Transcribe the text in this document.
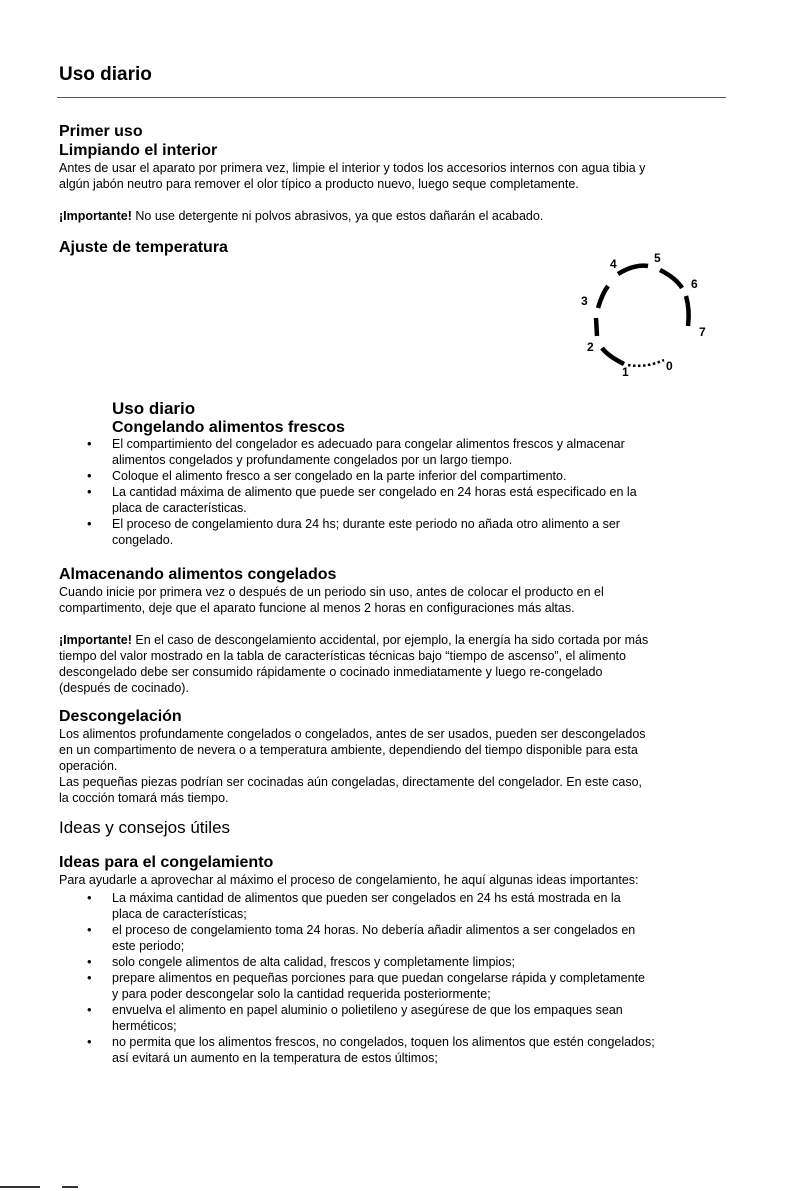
Uso diario

Primer uso

Limpiando el interior

Antes de usar el aparato por primera vez, limpie el interior y todos los accesorios internos con agua tibia y

algún jabón neutro para remover el olor típico a producto nuevo, luego seque completamente.

¡Importante! No use detergente ni polvos abrasivos, ya que estos dañarán el acabado.

Ajuste de temperatura

1
2
3
4	5
6
7
0

Uso diario

Congelando alimentos frescos

• El compartimiento del congelador es adecuado para congelar alimentos frescos y almacenar
alimentos congelados y profundamente congelados por un largo tiempo.
• Coloque el alimento fresco a ser congelado en la parte inferior del compartimento.
• La cantidad máxima de alimento que puede ser congelado en 24 horas está especificado en la
placa de características.
• El proceso de congelamiento dura 24 hs; durante este periodo no añada otro alimento a ser
congelado.

Almacenando alimentos congelados

Cuando inicie por primera vez o después de un periodo sin uso, antes de colocar el producto en el

compartimento, deje que el aparato funcione al menos 2 horas en configuraciones más altas.

¡Importante! En el caso de descongelamiento accidental, por ejemplo, la energía ha sido cortada por más

tiempo del valor mostrado en la tabla de características técnicas bajo “tiempo de ascenso”, el alimento

descongelado debe ser consumido rápidamente o cocinado inmediatamente y luego re-congelado

(después de cocinado).

Descongelación

Los alimentos profundamente congelados o congelados, antes de ser usados, pueden ser descongelados

en un compartimento de nevera o a temperatura ambiente, dependiendo del tiempo disponible para esta

operación.

Las pequeñas piezas podrían ser cocinadas aún congeladas, directamente del congelador. En este caso,

la cocción tomará más tiempo.

Ideas y consejos útiles

Ideas para el congelamiento

Para ayudarle a aprovechar al máximo el proceso de congelamiento, he aquí algunas ideas importantes:

• La máxima cantidad de alimentos que pueden ser congelados en 24 hs está mostrada en la
placa de características;
• el proceso de congelamiento toma 24 horas. No debería añadir alimentos a ser congelados en
este periodo;
• solo congele alimentos de alta calidad, frescos y completamente limpios;
• prepare alimentos en pequeñas porciones para que puedan congelarse rápida y completamente
y para poder descongelar solo la cantidad requerida posteriormente;
• envuelva el alimento en papel aluminio o polietileno y asegúrese de que los empaques sean
herméticos;
• no permita que los alimentos frescos, no congelados, toquen los alimentos que estén congelados;
así evitará un aumento en la temperatura de estos últimos;
